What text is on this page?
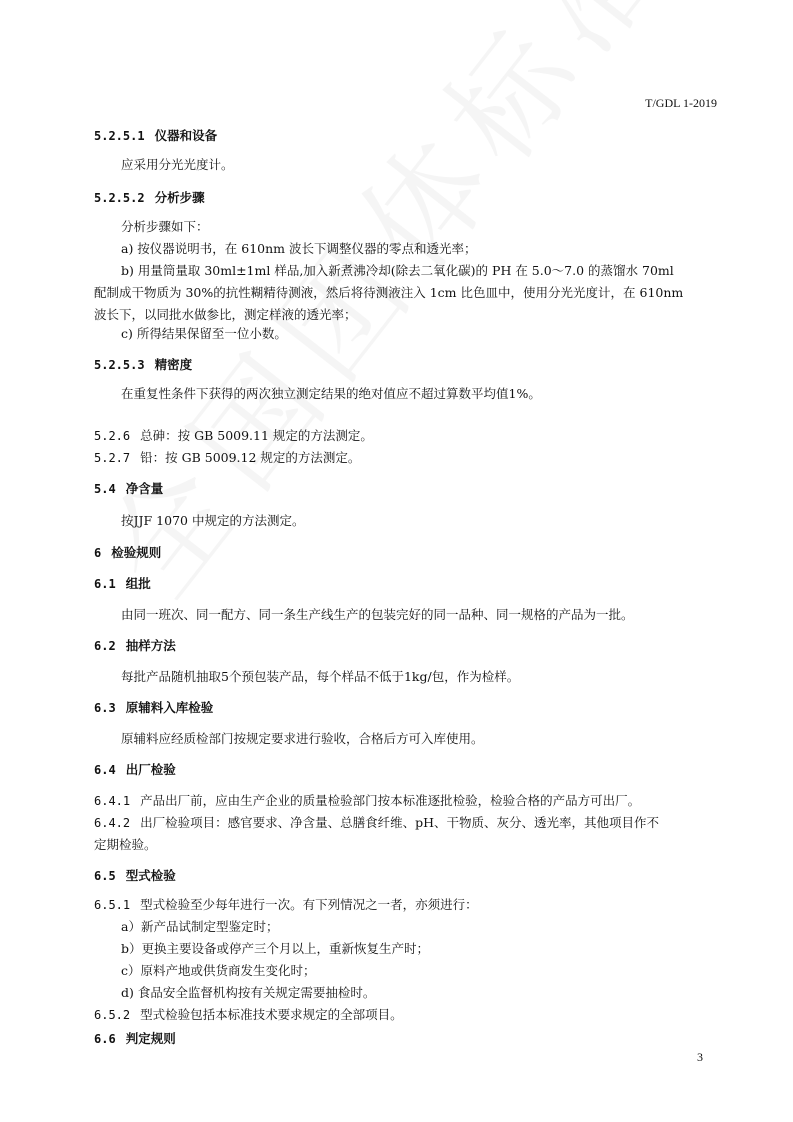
T/GDL 1-2019
5.2.5.1 仪器和设备
应采用分光光度计。
5.2.5.2 分析步骤
分析步骤如下：
a) 按仪器说明书，在 610nm 波长下调整仪器的零点和透光率；
b) 用量筒量取 30ml±1ml 样品,加入新煮沸冷却(除去二氧化碳)的 PH 在 5.0～7.0 的蒸馏水 70ml
配制成干物质为 30%的抗性糊精待测液，然后将待测液注入 1cm 比色皿中，使用分光光度计，在 610nm
波长下，以同批水做参比，测定样液的透光率；
c) 所得结果保留至一位小数。
5.2.5.3 精密度
在重复性条件下获得的两次独立测定结果的绝对值应不超过算数平均值1%。
5.2.6 总砷：按 GB 5009.11 规定的方法测定。
5.2.7 铅：按 GB 5009.12 规定的方法测定。
5.4 净含量
按JJF 1070 中规定的方法测定。
6 检验规则
6.1 组批
由同一班次、同一配方、同一条生产线生产的包装完好的同一品种、同一规格的产品为一批。
6.2 抽样方法
每批产品随机抽取5个预包装产品，每个样品不低于1kg/包，作为检样。
6.3 原辅料入库检验
原辅料应经质检部门按规定要求进行验收，合格后方可入库使用。
6.4 出厂检验
6.4.1 产品出厂前，应由生产企业的质量检验部门按本标准逐批检验，检验合格的产品方可出厂。
6.4.2 出厂检验项目：感官要求、净含量、总膳食纤维、pH、干物质、灰分、透光率，其他项目作不
定期检验。
6.5 型式检验
6.5.1 型式检验至少每年进行一次。有下列情况之一者，亦须进行：
a）新产品试制定型鉴定时；
b）更换主要设备或停产三个月以上，重新恢复生产时；
c）原料产地或供货商发生变化时；
d) 食品安全监督机构按有关规定需要抽检时。
6.5.2 型式检验包括本标准技术要求规定的全部项目。
6.6 判定规则
3
